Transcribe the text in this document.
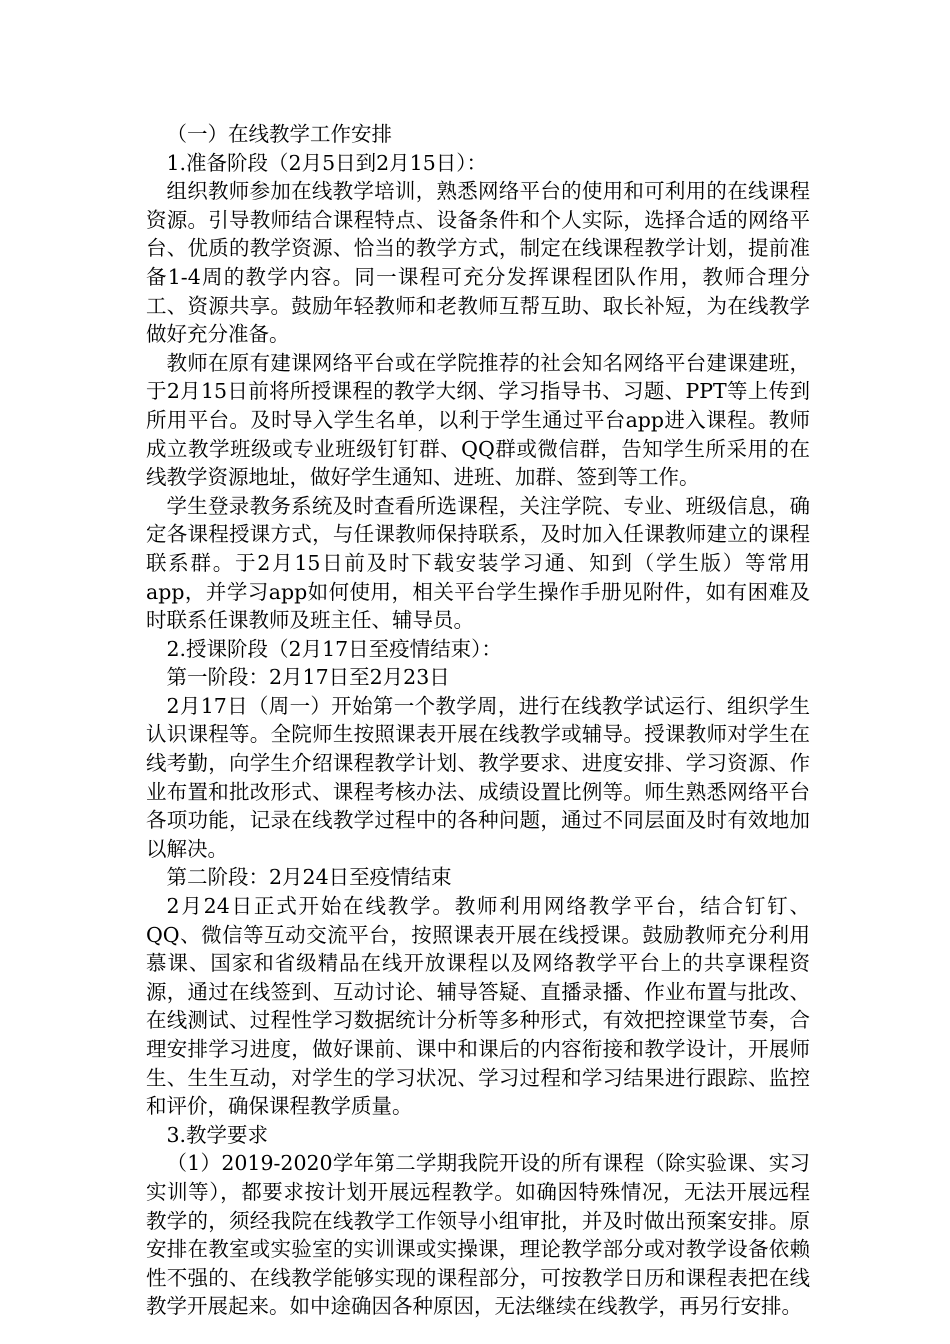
（一）在线教学工作安排

1.准备阶段（2月5日到2月15日）：

组织教师参加在线教学培训，熟悉网络平台的使用和可利用的在线课程资源。引导教师结合课程特点、设备条件和个人实际，选择合适的网络平台、优质的教学资源、恰当的教学方式，制定在线课程教学计划，提前准备1-4周的教学内容。同一课程可充分发挥课程团队作用，教师合理分工、资源共享。鼓励年轻教师和老教师互帮互助、取长补短，为在线教学做好充分准备。

教师在原有建课网络平台或在学院推荐的社会知名网络平台建课建班，于2月15日前将所授课程的教学大纲、学习指导书、习题、PPT等上传到所用平台。及时导入学生名单，以利于学生通过平台app进入课程。教师成立教学班级或专业班级钉钉群、QQ群或微信群，告知学生所采用的在线教学资源地址，做好学生通知、进班、加群、签到等工作。

学生登录教务系统及时查看所选课程，关注学院、专业、班级信息，确定各课程授课方式，与任课教师保持联系，及时加入任课教师建立的课程联系群。于2月15日前及时下载安装学习通、知到（学生版）等常用app，并学习app如何使用，相关平台学生操作手册见附件，如有困难及时联系任课教师及班主任、辅导员。

2.授课阶段（2月17日至疫情结束）：

第一阶段：2月17日至2月23日

2月17日（周一）开始第一个教学周，进行在线教学试运行、组织学生认识课程等。全院师生按照课表开展在线教学或辅导。授课教师对学生在线考勤，向学生介绍课程教学计划、教学要求、进度安排、学习资源、作业布置和批改形式、课程考核办法、成绩设置比例等。师生熟悉网络平台各项功能，记录在线教学过程中的各种问题，通过不同层面及时有效地加以解决。

第二阶段：2月24日至疫情结束

2月24日正式开始在线教学。教师利用网络教学平台，结合钉钉、QQ、微信等互动交流平台，按照课表开展在线授课。鼓励教师充分利用慕课、国家和省级精品在线开放课程以及网络教学平台上的共享课程资源，通过在线签到、互动讨论、辅导答疑、直播录播、作业布置与批改、在线测试、过程性学习数据统计分析等多种形式，有效把控课堂节奏，合理安排学习进度，做好课前、课中和课后的内容衔接和教学设计，开展师生、生生互动，对学生的学习状况、学习过程和学习结果进行跟踪、监控和评价，确保课程教学质量。

3.教学要求

（1）2019-2020学年第二学期我院开设的所有课程（除实验课、实习实训等），都要求按计划开展远程教学。如确因特殊情况，无法开展远程教学的，须经我院在线教学工作领导小组审批，并及时做出预案安排。原安排在教室或实验室的实训课或实操课，理论教学部分或对教学设备依赖性不强的、在线教学能够实现的课程部分，可按教学日历和课程表把在线教学开展起来。如中途确因各种原因，无法继续在线教学，再另行安排。
